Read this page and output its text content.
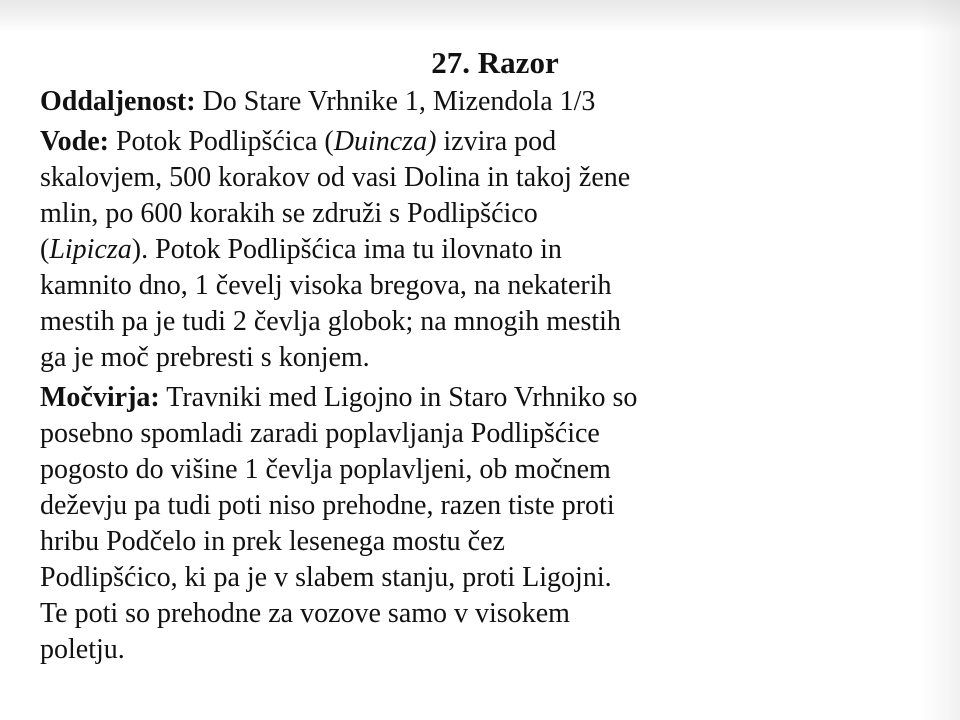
27. Razor

Oddaljenost: Do Stare Vrhnike 1, Mizendola 1/3

Vode: Potok Podlipšćica (Duincza) izvira pod
skalovjem, 500 korakov od vasi Dolina in takoj žene
mlin, po 600 korakih se združi s Podlipšćico
(Lipicza). Potok Podlipšćica ima tu ilovnato in
kamnito dno, 1 čevelj visoka bregova, na nekaterih
mestih pa je tudi 2 čevlja globok; na mnogih mestih
ga je moč prebresti s konjem.

Močvirja: Travniki med Ligojno in Staro Vrhniko so
posebno spomladi zaradi poplavljanja Podlipšćice
pogosto do višine 1 čevlja poplavljeni, ob močnem
deževju pa tudi poti niso prehodne, razen tiste proti
hribu Podčelo in prek lesenega mostu čez
Podlipšćico, ki pa je v slabem stanju, proti Ligojni.
Te poti so prehodne za vozove samo v visokem
poletju.
